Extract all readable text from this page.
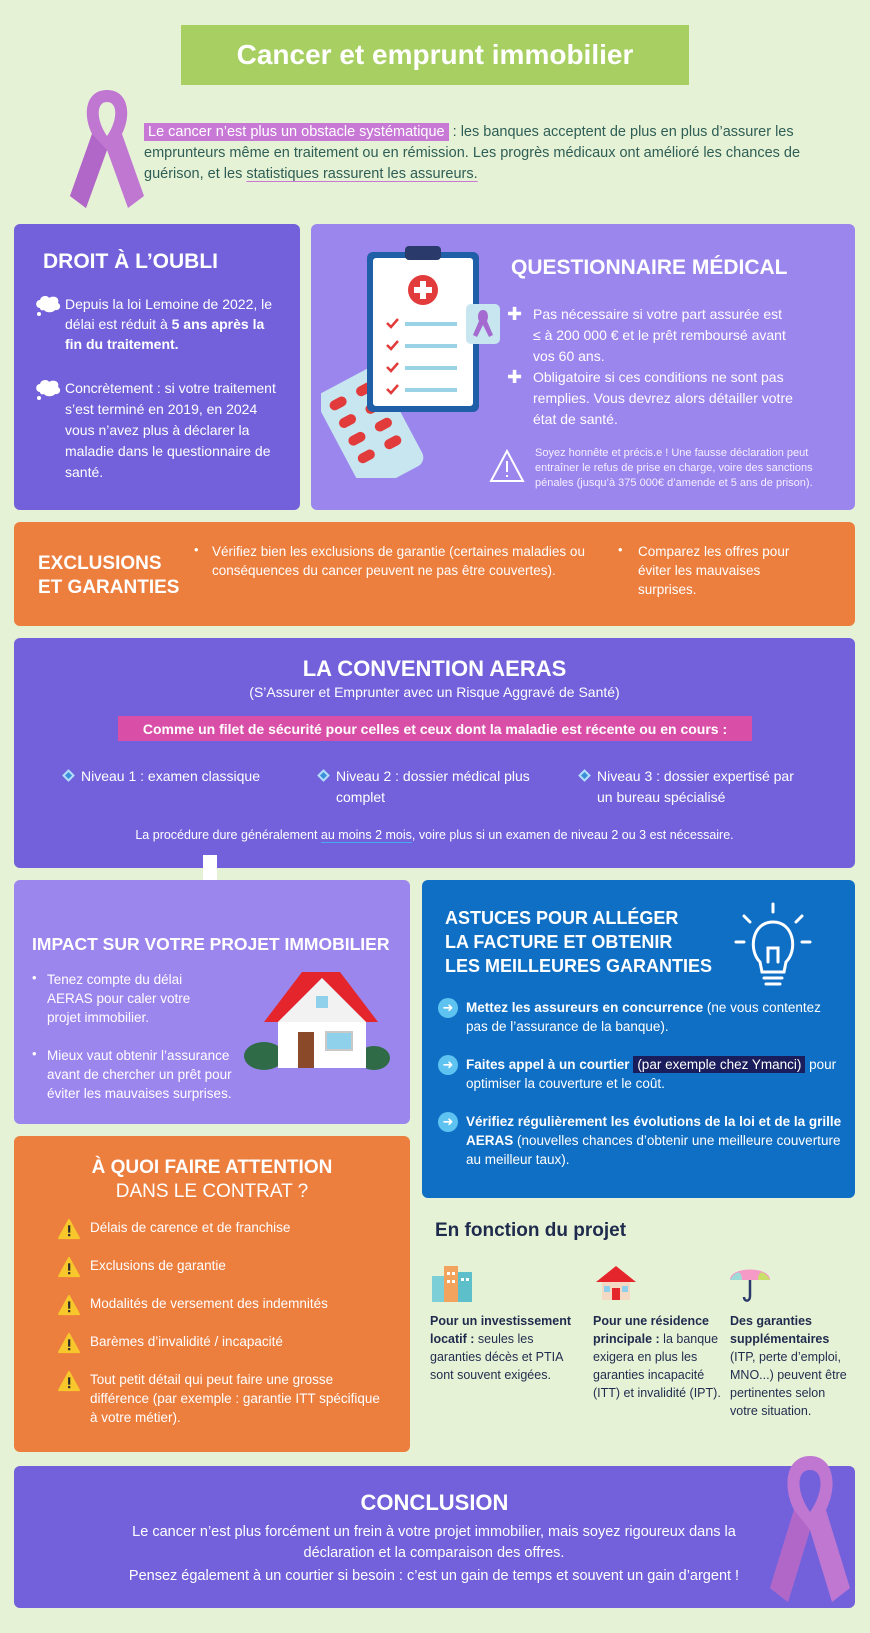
Cancer et emprunt immobilier
Le cancer n’est plus un obstacle systématique : les banques acceptent de plus en plus d’assurer les emprunteurs même en traitement ou en rémission. Les progrès médicaux ont amélioré les chances de guérison, et les statistiques rassurent les assureurs.
DROIT À L’OUBLI
Depuis la loi Lemoine de 2022, le délai est réduit à 5 ans après la fin du traitement.
Concrètement : si votre traitement s’est terminé en 2019, en 2024 vous n’avez plus à déclarer la maladie dans le questionnaire de santé.
QUESTIONNAIRE MÉDICAL
✚ Pas nécessaire si votre part assurée est ≤ à 200 000 € et le prêt remboursé avant vos 60 ans.
✚ Obligatoire si ces conditions ne sont pas remplies. Vous devrez alors détailler votre état de santé.
Soyez honnête et précis.e ! Une fausse déclaration peut entraîner le refus de prise en charge, voire des sanctions pénales (jusqu’à 375 000€ d’amende et 5 ans de prison).
EXCLUSIONS
ET GARANTIES
• Vérifiez bien les exclusions de garantie (certaines maladies ou conséquences du cancer peuvent ne pas être couvertes).
• Comparez les offres pour éviter les mauvaises surprises.
LA CONVENTION AERAS
(S’Assurer et Emprunter avec un Risque Aggravé de Santé)
Comme un filet de sécurité pour celles et ceux dont la maladie est récente ou en cours :
Niveau 1 : examen classique	Niveau 2 : dossier médical plus complet
Niveau 3 : dossier expertisé par un bureau spécialisé
La procédure dure généralement au moins 2 mois, voire plus si un examen de niveau 2 ou 3 est nécessaire.
IMPACT SUR VOTRE PROJET IMMOBILIER
• Tenez compte du délai AERAS pour caler votre projet immobilier.
• Mieux vaut obtenir l’assurance avant de chercher un prêt pour éviter les mauvaises surprises.
ASTUCES POUR ALLÉGER
LA FACTURE ET OBTENIR
LES MEILLEURES GARANTIES
➜ Mettez les assureurs en concurrence (ne vous contentez pas de l’assurance de la banque).
➜ Faites appel à un courtier (par exemple chez Ymanci) pour optimiser la couverture et le coût.
➜ Vérifiez régulièrement les évolutions de la loi et de la grille AERAS (nouvelles chances d’obtenir une meilleure couverture au meilleur taux).
À QUOI FAIRE ATTENTION
DANS LE CONTRAT ?
Délais de carence et de franchise
Exclusions de garantie
Modalités de versement des indemnités
Barèmes d’invalidité / incapacité
Tout petit détail qui peut faire une grosse différence (par exemple : garantie ITT spécifique à votre métier).
En fonction du projet
Pour un investissement locatif : seules les garanties décès et PTIA sont souvent exigées.
Pour une résidence principale : la banque exigera en plus les garanties incapacité (ITT) et invalidité (IPT).
Des garanties supplémentaires (ITP, perte d’emploi, MNO...) peuvent être pertinentes selon votre situation.
CONCLUSION
Le cancer n’est plus forcément un frein à votre projet immobilier, mais soyez rigoureux dans la déclaration et la comparaison des offres.
Pensez également à un courtier si besoin : c’est un gain de temps et souvent un gain d’argent !
